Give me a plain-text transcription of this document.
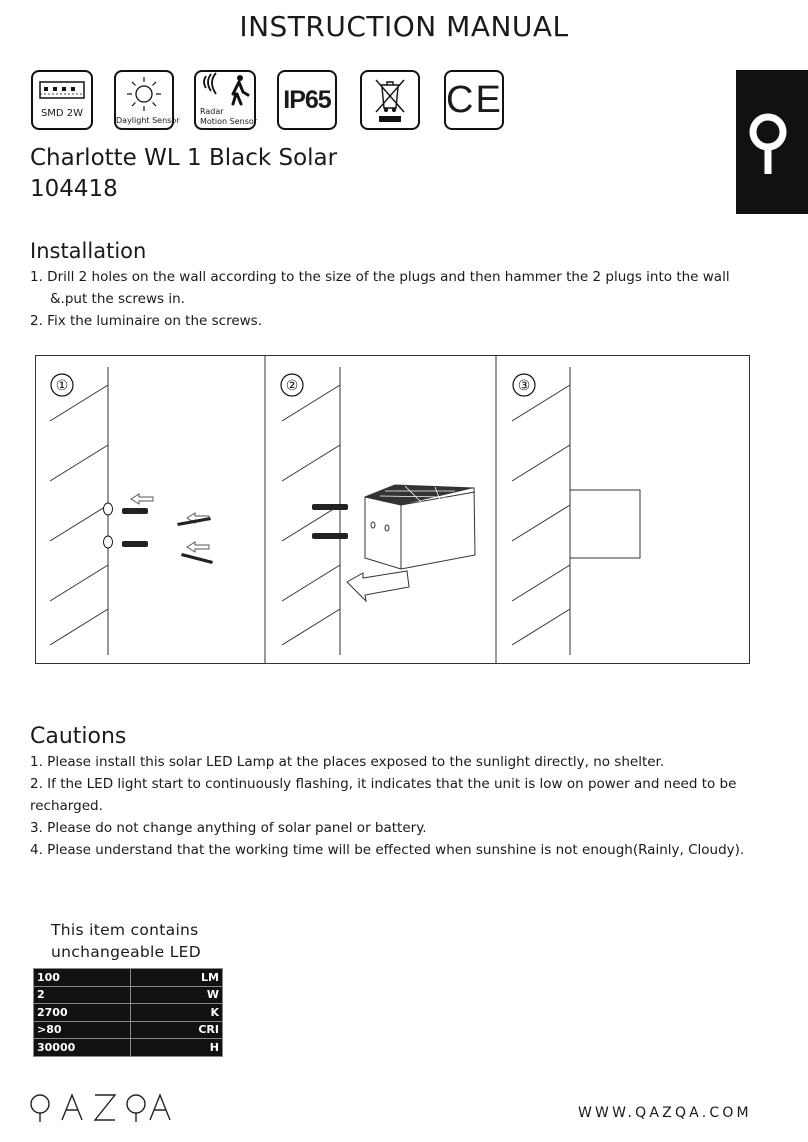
INSTRUCTION MANUAL
SMD 2W
Daylight Sensor
Radar
Motion Sensor
IP65	CE
Charlotte WL 1 Black Solar
104418
Installation
1. Drill 2 holes on the wall according to the size of the plugs and then hammer the 2 plugs into the wall
&.put the screws in.
2. Fix the luminaire on the screws.
①	②	③
Cautions
1. Please install this solar LED Lamp at the places exposed to the sunlight directly, no shelter.
2. If the LED light start to continuously flashing, it indicates that the unit is low on power and need to be recharged.
3. Please do not change anything of solar panel or battery.
4. Please understand that the working time will be effected when sunshine is not enough(Rainly, Cloudy).
This item contains
unchangeable LED
100	LM
2	W
2700	K
>80	CRI
30000	H
WWW.QAZQA.COM
